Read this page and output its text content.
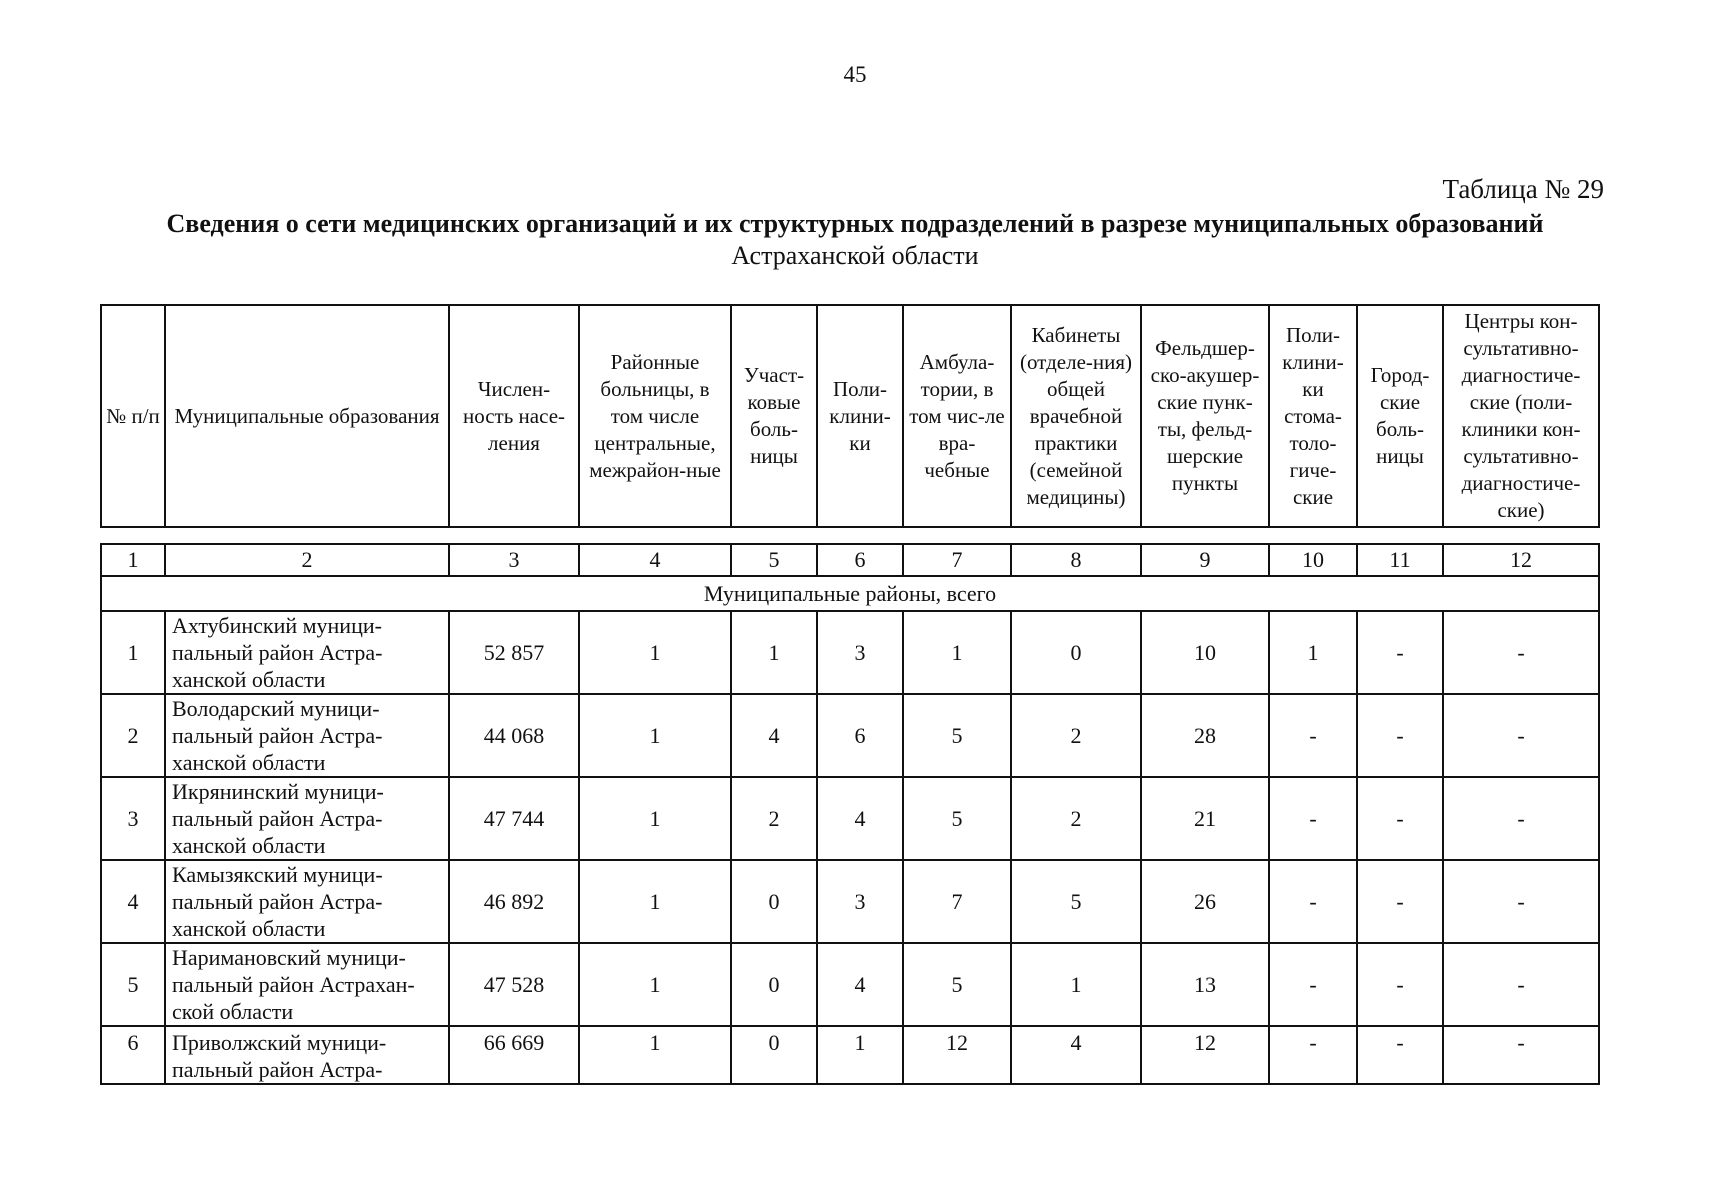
45
Таблица № 29
Сведения о сети медицинских организаций и их структурных подразделений в разрезе муниципальных образований
Астраханской области
№ п/п	Муниципальные образования	Числен-ность насе-ления	Районные больницы, в том числе центральные, межрайон-ные	Участ-ковые боль-ницы	Поли-клини-ки	Амбула-тории, в том чис-ле вра-чебные	Кабинеты (отделе-ния) общей врачебной практики (семейной медицины)	Фельдшер-ско-акушер-ские пунк-ты, фельд-шерские пункты	Поли-клини-ки стома-толо-гиче-ские	Город-ские боль-ницы	Центры кон-сультативно-диагностиче-ские (поли-клиники кон-сультативно-диагностиче-ские)
1	2	3	4	5	6	7	8	9	10	11	12
Муниципальные районы, всего											
1	Ахтубинский муници-пальный район Астра-ханской области	52 857	1	1	3	1	0	10	1	-	-
2	Володарский муници-пальный район Астра-ханской области	44 068	1	4	6	5	2	28	-	-	-
3	Икрянинский муници-пальный район Астра-ханской области	47 744	1	2	4	5	2	21	-	-	-
4	Камызякский муници-пальный район Астра-ханской области	46 892	1	0	3	7	5	26	-	-	-
5	Наримановский муници-пальный район Астрахан-ской области	47 528	1	0	4	5	1	13	-	-	-
6	Приволжский муници-пальный район Астра-	66 669	1	0	1	12	4	12	-	-	-
